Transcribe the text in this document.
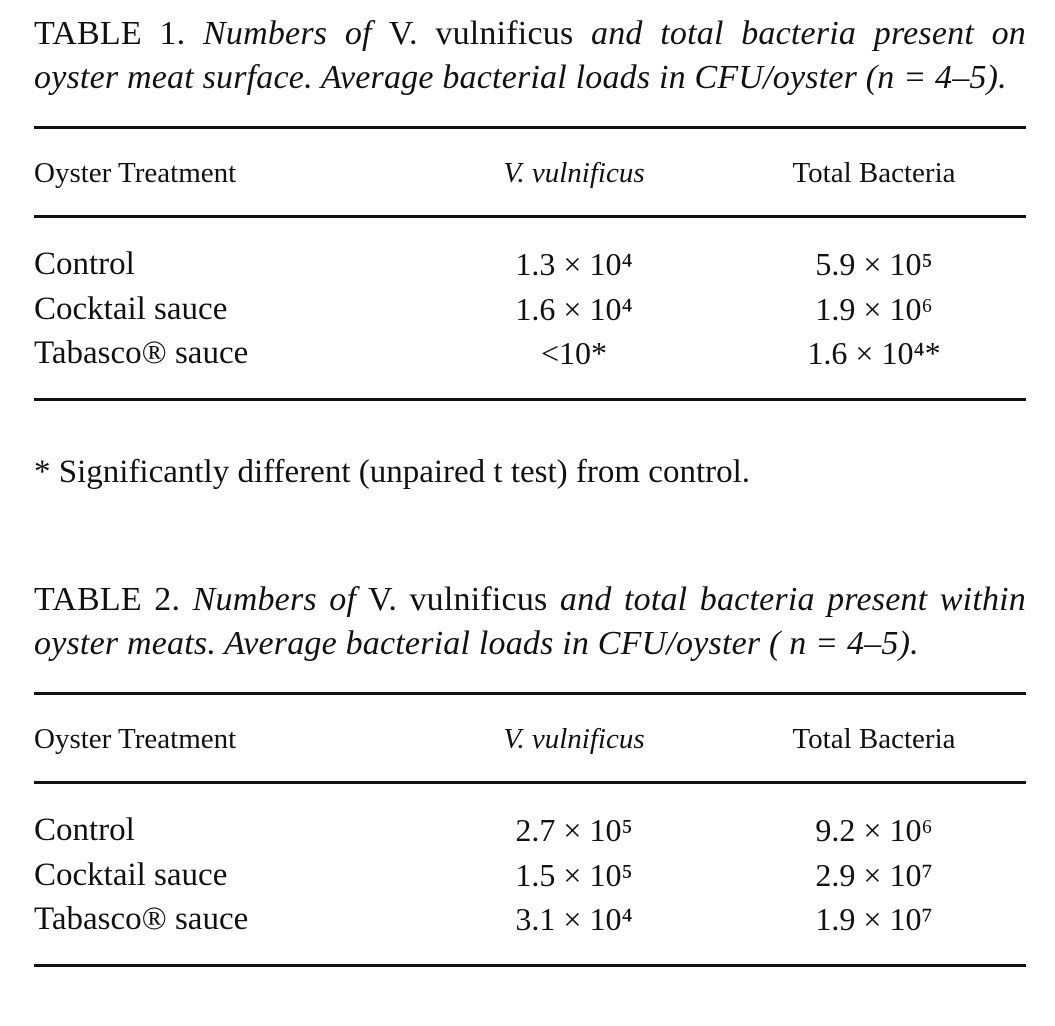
TABLE 1. Numbers of V. vulnificus and total bacteria present on oyster meat surface. Average bacterial loads in CFU/oyster (n = 4–5).

Oyster Treatment	V. vulnificus	Total Bacteria
Control	1.3 × 10⁴	5.9 × 10⁵
Cocktail sauce	1.6 × 10⁴	1.9 × 10⁶
Tabasco® sauce	<10*	1.6 × 10⁴*
* Significantly different (unpaired t test) from control.

TABLE 2. Numbers of V. vulnificus and total bacteria present within oyster meats. Average bacterial loads in CFU/oyster ( n = 4–5).

Oyster Treatment	V. vulnificus	Total Bacteria
Control	2.7 × 10⁵	9.2 × 10⁶
Cocktail sauce	1.5 × 10⁵	2.9 × 10⁷
Tabasco® sauce	3.1 × 10⁴	1.9 × 10⁷
